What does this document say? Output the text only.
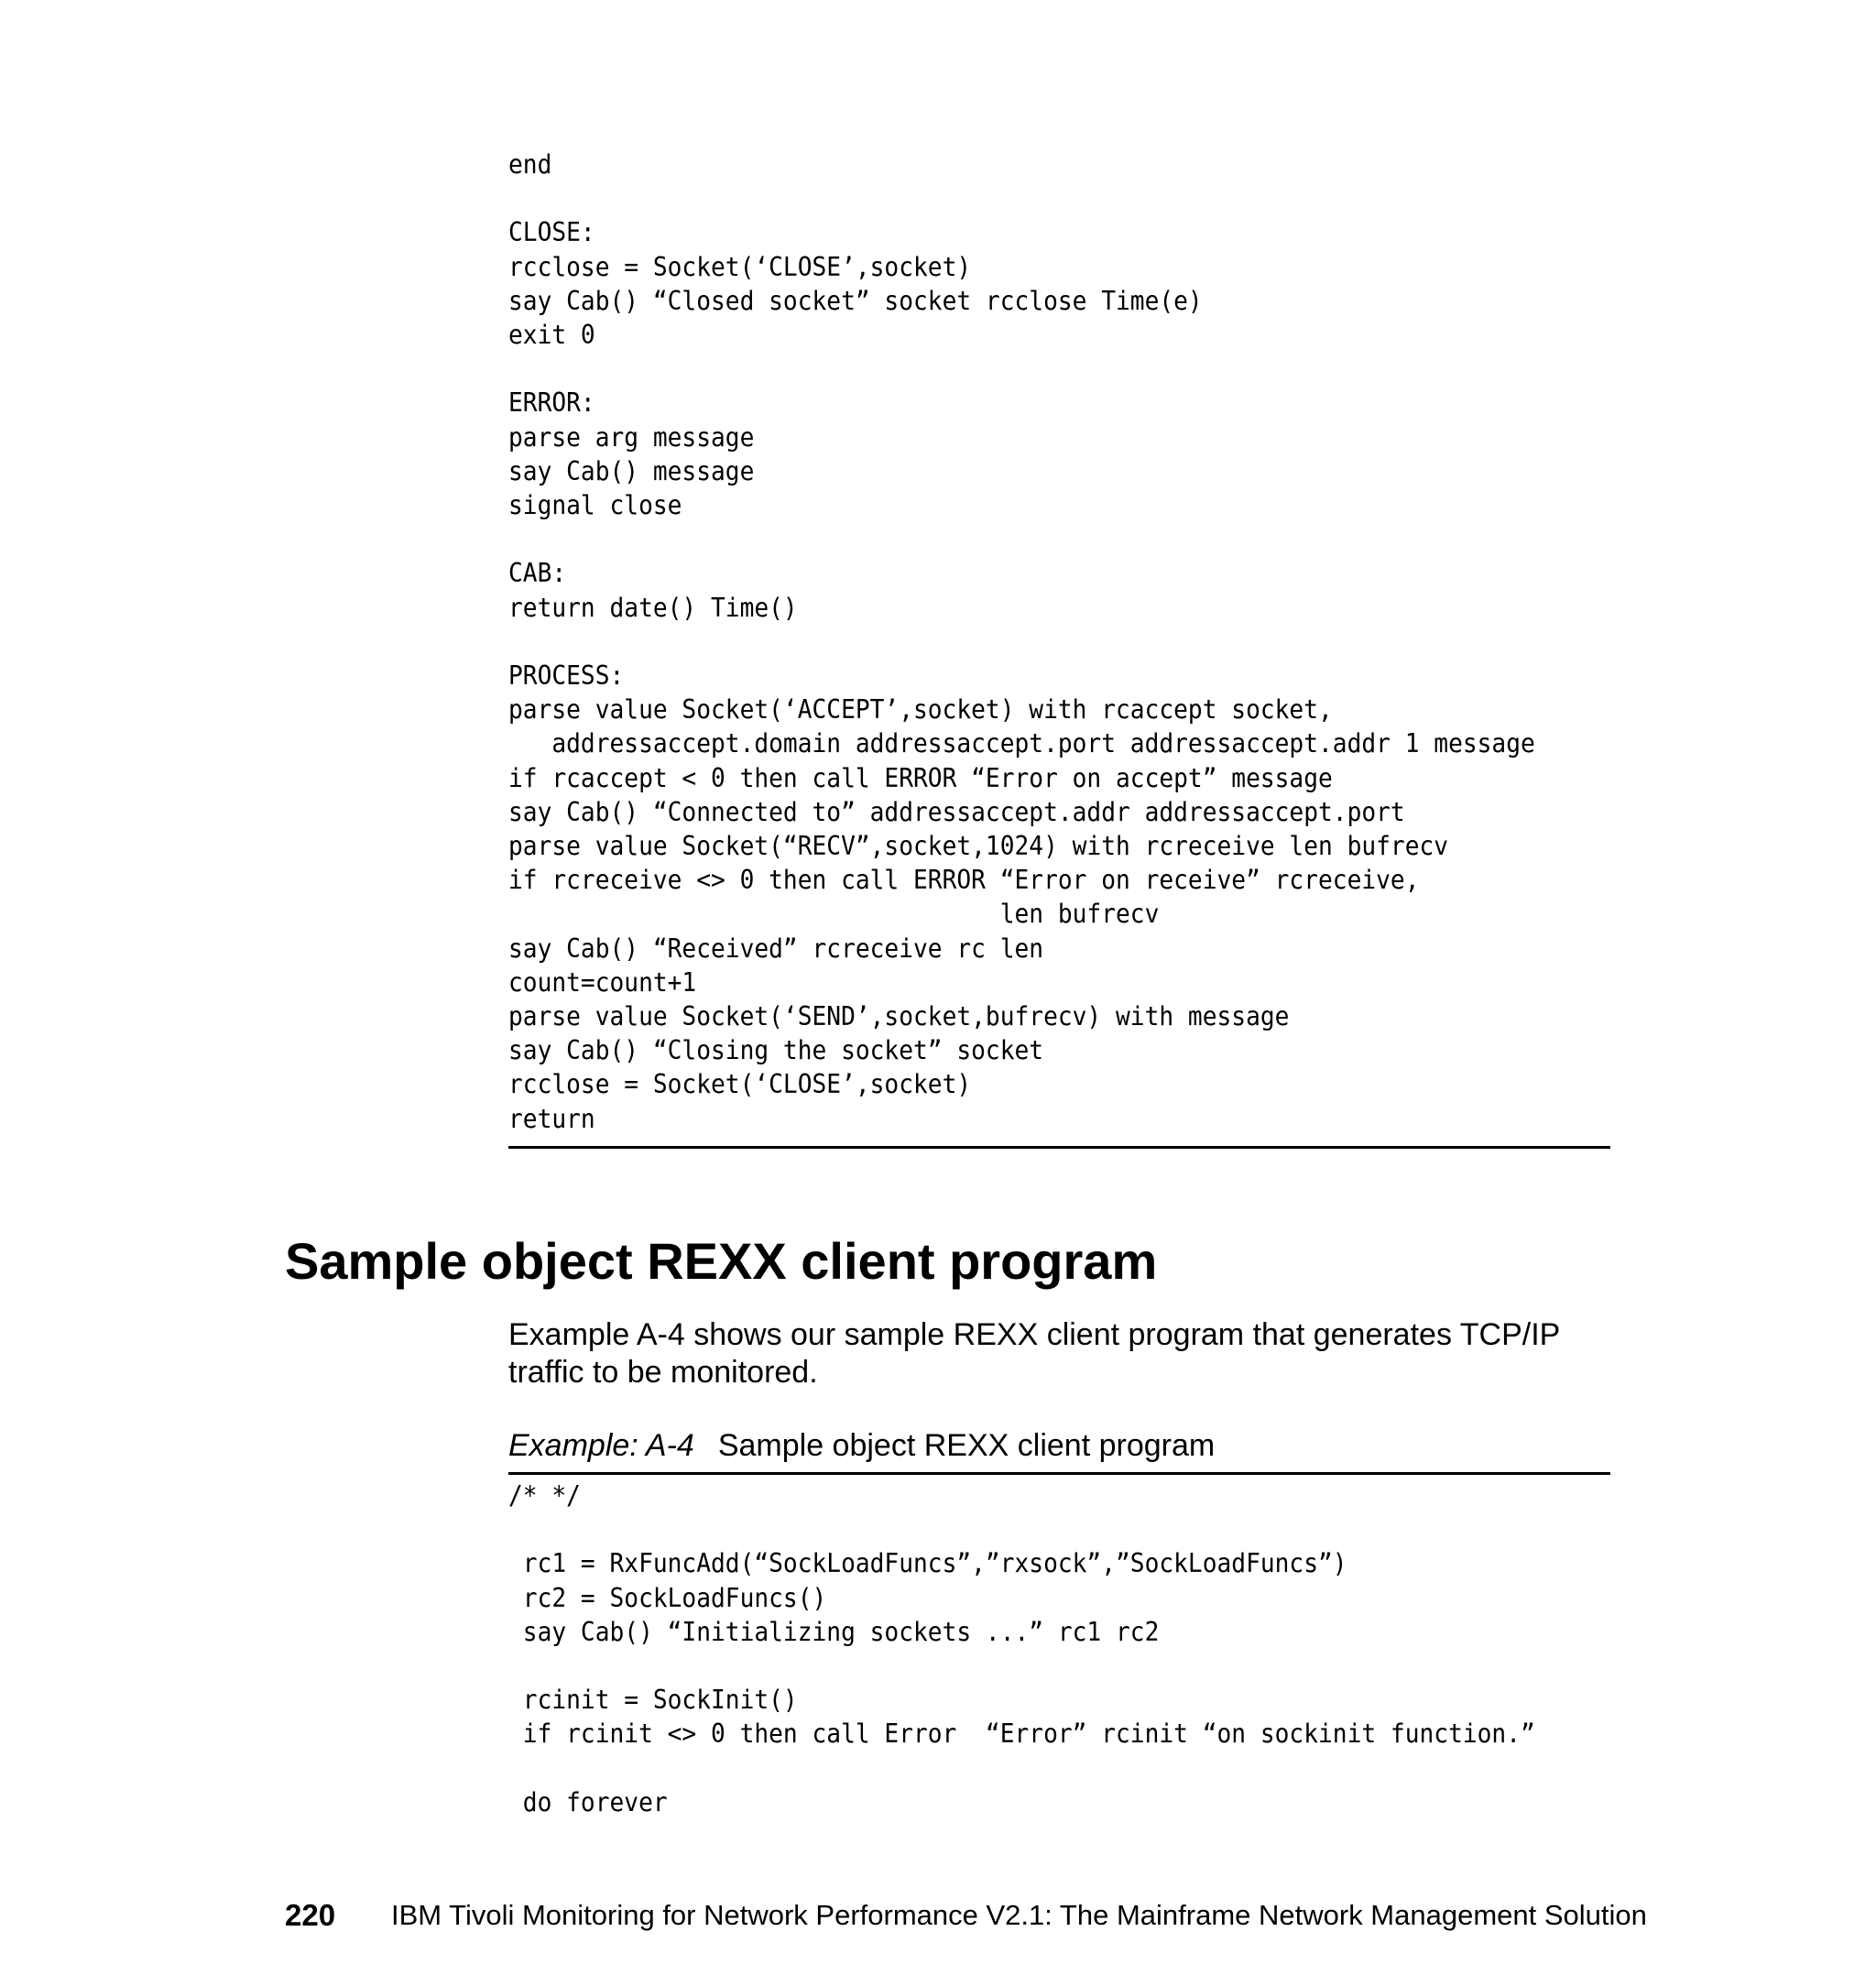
end

CLOSE:
rcclose = Socket(‘CLOSE’,socket)
say Cab() “Closed socket” socket rcclose Time(e)
exit 0

ERROR:
parse arg message
say Cab() message
signal close

CAB:
return date() Time()

PROCESS:
parse value Socket(‘ACCEPT’,socket) with rcaccept socket,
addressaccept.domain addressaccept.port addressaccept.addr 1 message
if rcaccept < 0 then call ERROR “Error on accept” message
say Cab() “Connected to” addressaccept.addr addressaccept.port
parse value Socket(“RECV”,socket,1024) with rcreceive len bufrecv
if rcreceive <> 0 then call ERROR “Error on receive” rcreceive,
len bufrecv
say Cab() “Received” rcreceive rc len
count=count+1
parse value Socket(‘SEND’,socket,bufrecv) with message
say Cab() “Closing the socket” socket
rcclose = Socket(‘CLOSE’,socket)
return
Sample object REXX client program
Example A-4 shows our sample REXX client program that generates TCP/IP traffic to be monitored.
Example: A-4 Sample object REXX client program
/* */

rc1 = RxFuncAdd(“SockLoadFuncs”,”rxsock”,”SockLoadFuncs”)
rc2 = SockLoadFuncs()
say Cab() “Initializing sockets ...” rc1 rc2

rcinit = SockInit()
if rcinit <> 0 then call Error  “Error” rcinit “on sockinit function.”

do forever
220 IBM Tivoli Monitoring for Network Performance V2.1: The Mainframe Network Management Solution
